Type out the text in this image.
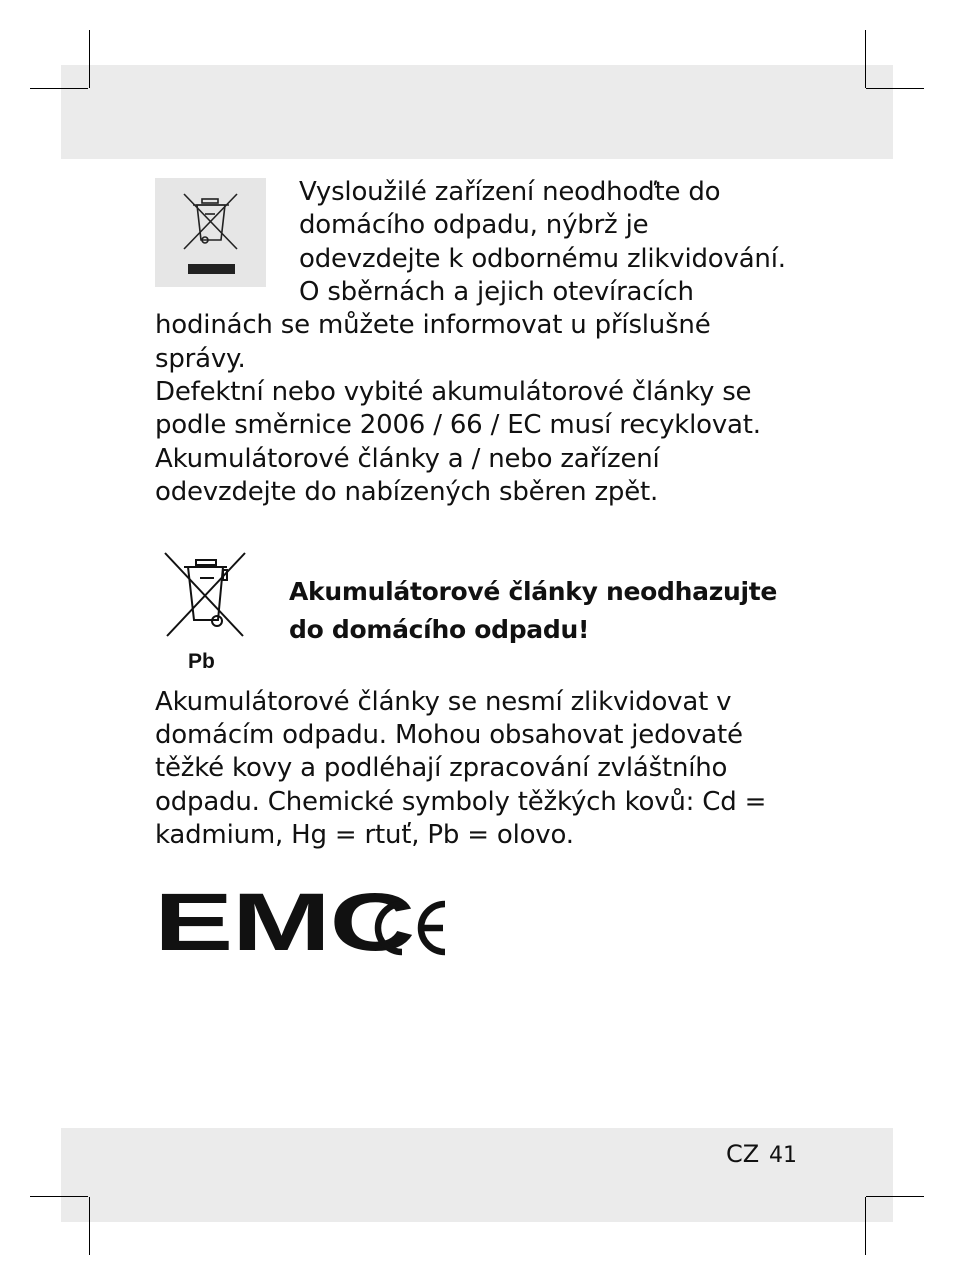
Vysloužilé zařízení neodhoďte do
domácího odpadu, nýbrž je
odevzdejte k odbornému zlikvidování.
O sběrnách a jejich otevíracích
hodinách se můžete informovat u příslušné
správy.
Defektní nebo vybité akumulátorové články se
podle směrnice 2006 / 66 / EC musí recyklovat.
Akumulátorové články a / nebo zařízení
odevzdejte do nabízených sběren zpět.
Pb
Akumulátorové články neodhazujte
do domácího odpadu!
Akumulátorové články se nesmí zlikvidovat v
domácím odpadu. Mohou obsahovat jedovaté
těžké kovy a podléhají zpracování zvláštního
odpadu. Chemické symboly těžkých kovů: Cd =
kadmium, Hg = rtuť, Pb = olovo.
EMC
CZ 41
